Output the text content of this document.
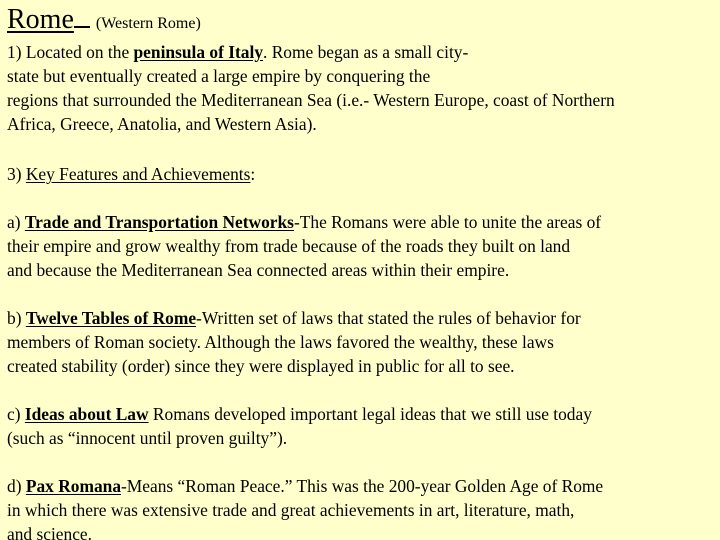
Rome (Western Rome)

1) Located on the peninsula of Italy. Rome began as a small city-
state but eventually created a large empire by conquering the
regions that surrounded the Mediterranean Sea (i.e.- Western Europe, coast of Northern
Africa, Greece, Anatolia, and Western Asia).

3) Key Features and Achievements:

a) Trade and Transportation Networks-The Romans were able to unite the areas of
their empire and grow wealthy from trade because of the roads they built on land
and because the Mediterranean Sea connected areas within their empire.

b) Twelve Tables of Rome-Written set of laws that stated the rules of behavior for
members of Roman society. Although the laws favored the wealthy, these laws
created stability (order) since they were displayed in public for all to see.

c) Ideas about Law Romans developed important legal ideas that we still use today
(such as “innocent until proven guilty”).

d) Pax Romana-Means “Roman Peace.” This was the 200-year Golden Age of Rome
in which there was extensive trade and great achievements in art, literature, math,
and science.
